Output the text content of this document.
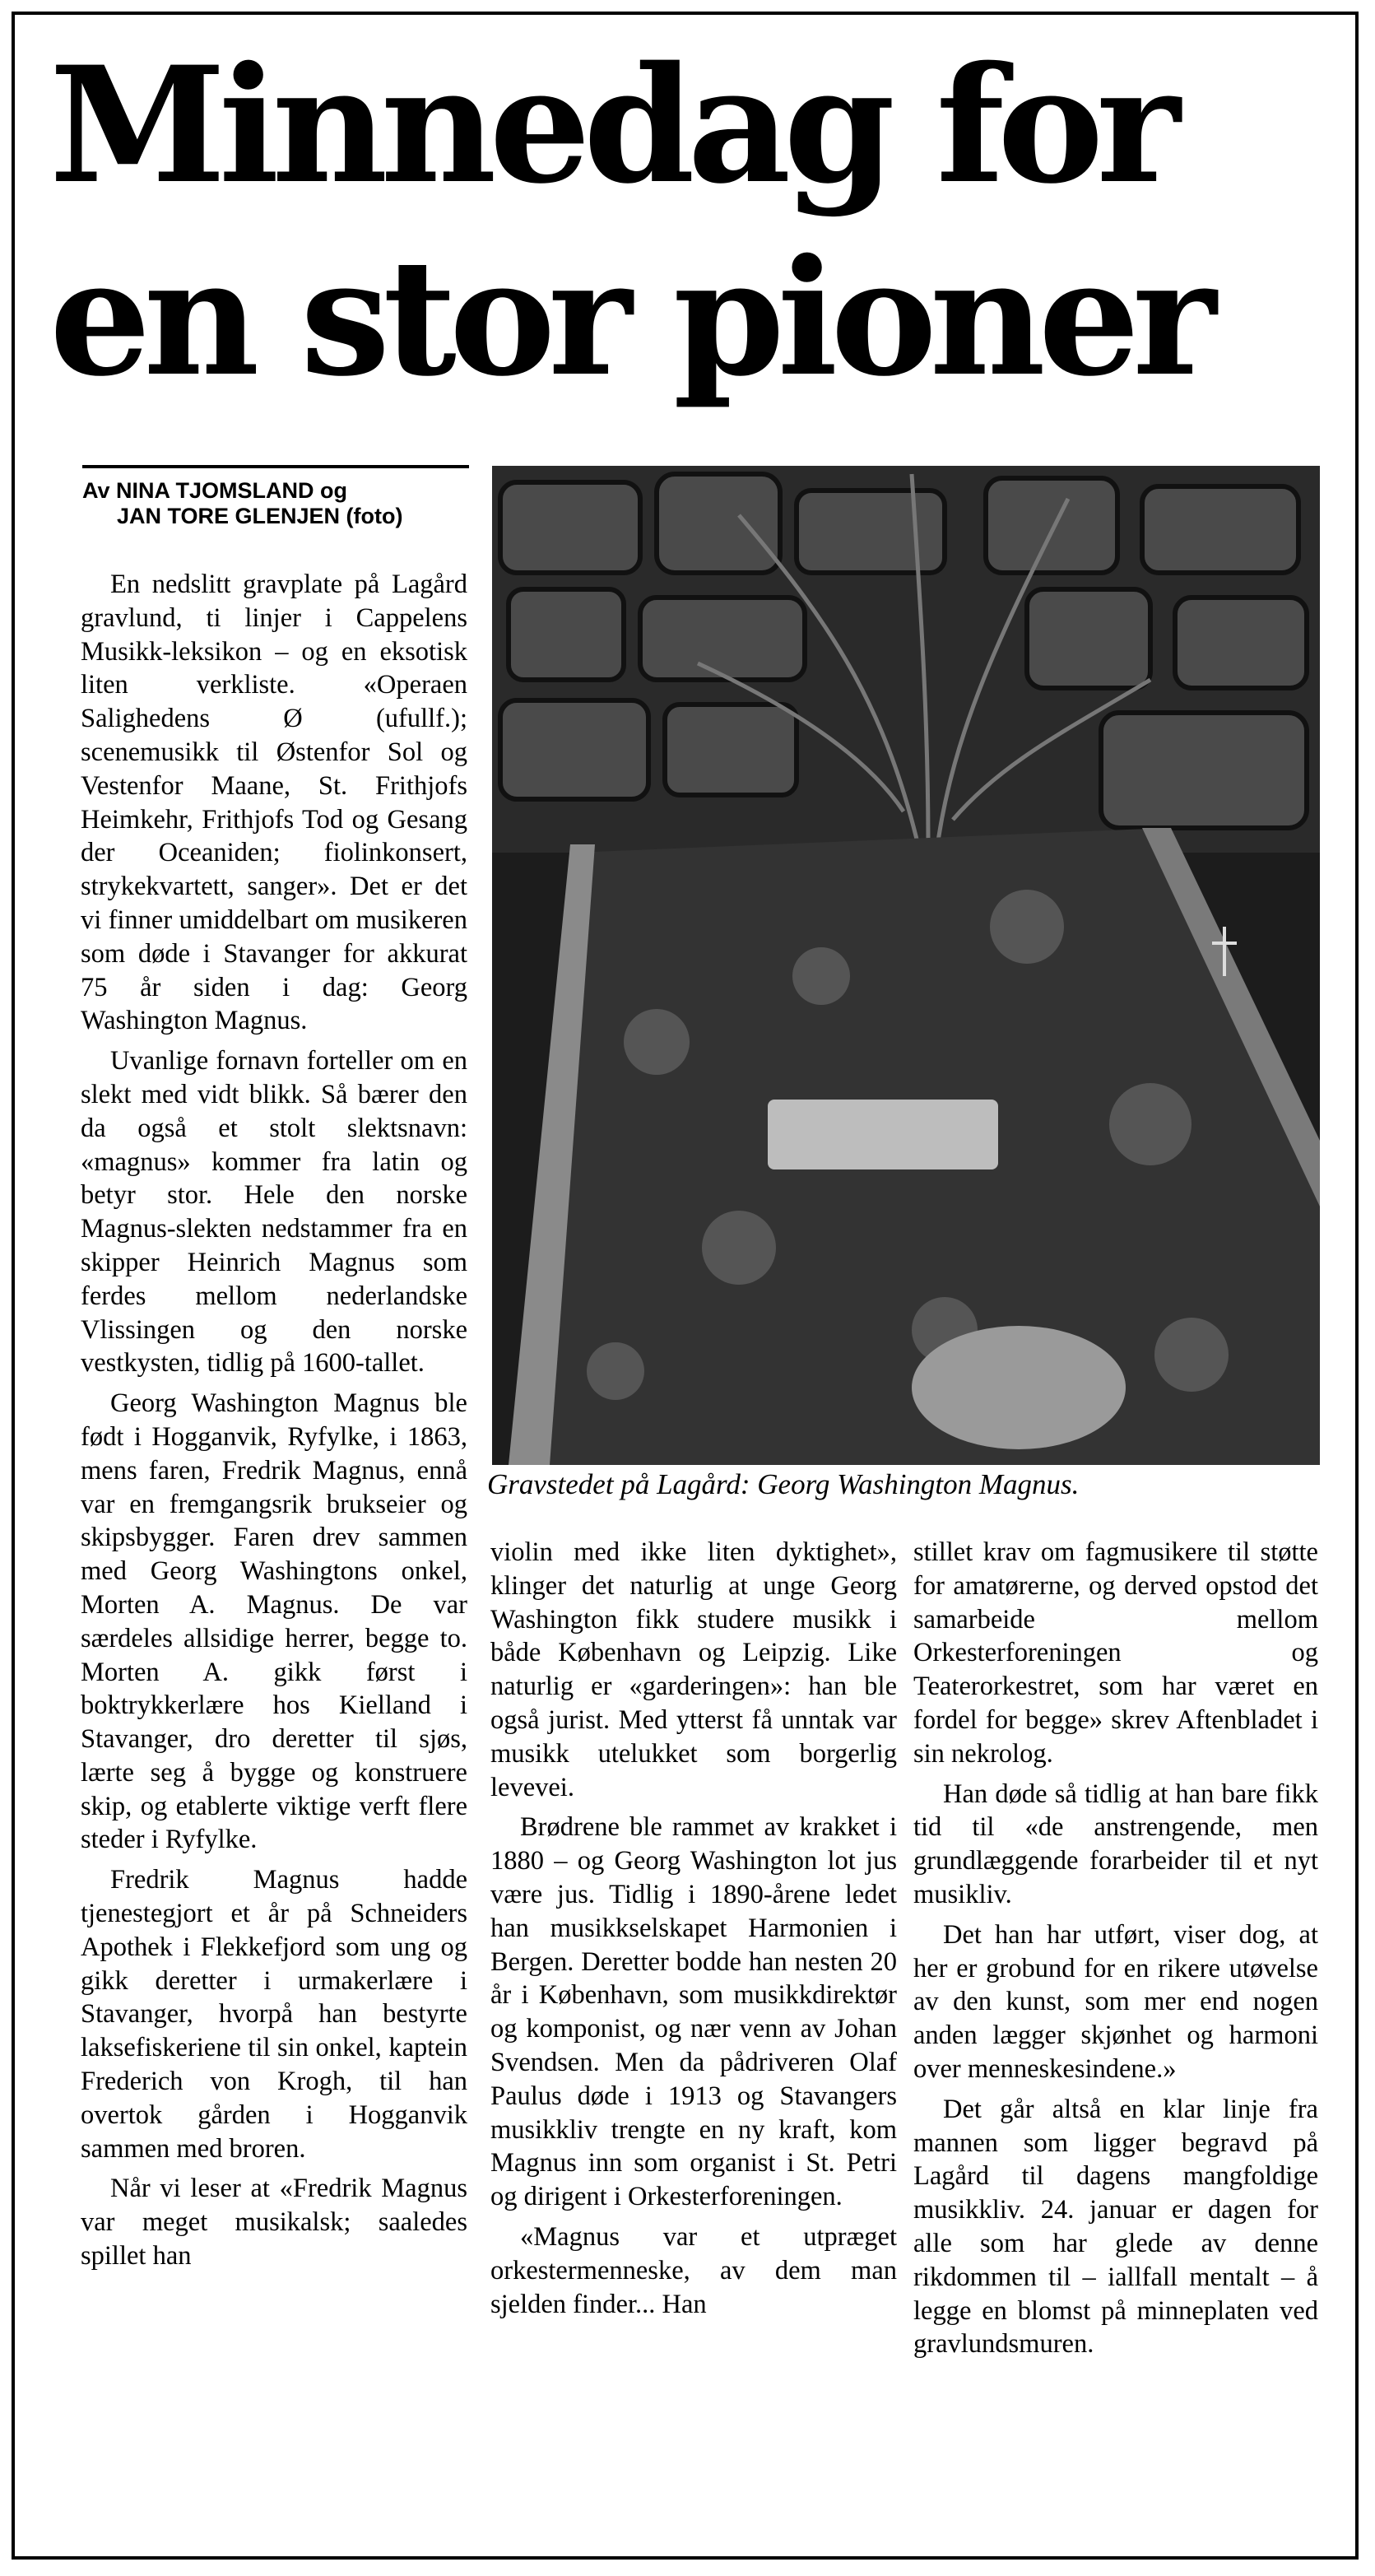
Minnedag for
en stor pioner
Av NINA TJOMSLAND og
JAN TORE GLENJEN (foto)
Gravstedet på Lagård: Georg Washington Magnus.

En nedslitt gravplate på Lagård gravlund, ti linjer i Cappelens Musikk-leksikon – og en eksotisk liten verkliste. «Operaen Salighedens Ø (ufullf.); scenemusikk til Østenfor Sol og Vestenfor Maane, St. Frithjofs Heimkehr, Frithjofs Tod og Gesang der Oceaniden; fiolinkonsert, strykekvartett, sanger». Det er det vi finner umiddelbart om musikeren som døde i Stavanger for akkurat 75 år siden i dag: Georg Washington Magnus.

Uvanlige fornavn forteller om en slekt med vidt blikk. Så bærer den da også et stolt slektsnavn: «magnus» kommer fra latin og betyr stor. Hele den norske Magnus-slekten nedstammer fra en skipper Heinrich Magnus som ferdes mellom nederlandske Vlissingen og den norske vestkysten, tidlig på 1600-tallet.

Georg Washington Magnus ble født i Hogganvik, Ryfylke, i 1863, mens faren, Fredrik Magnus, ennå var en fremgangsrik brukseier og skipsbygger. Faren drev sammen med Georg Washingtons onkel, Morten A. Magnus. De var særdeles allsidige herrer, begge to. Morten A. gikk først i boktrykkerlære hos Kielland i Stavanger, dro deretter til sjøs, lærte seg å bygge og konstruere skip, og etablerte viktige verft flere steder i Ryfylke.

Fredrik Magnus hadde tjenestegjort et år på Schneiders Apothek i Flekkefjord som ung og gikk deretter i urmakerlære i Stavanger, hvorpå han bestyrte laksefiskeriene til sin onkel, kaptein Frederich von Krogh, til han overtok gården i Hogganvik sammen med broren.

Når vi leser at «Fredrik Magnus var meget musikalsk; saaledes spillet han

violin med ikke liten dyktighet», klinger det naturlig at unge Georg Washington fikk studere musikk i både København og Leipzig. Like naturlig er «garderingen»: han ble også jurist. Med ytterst få unntak var musikk utelukket som borgerlig levevei.

Brødrene ble rammet av krakket i 1880 – og Georg Washington lot jus være jus. Tidlig i 1890-årene ledet han musikkselskapet Harmonien i Bergen. Deretter bodde han nesten 20 år i København, som musikkdirektør og komponist, og nær venn av Johan Svendsen. Men da pådriveren Olaf Paulus døde i 1913 og Stavangers musikkliv trengte en ny kraft, kom Magnus inn som organist i St. Petri og dirigent i Orkesterforeningen.

«Magnus var et utpræget orkestermenneske, av dem man sjelden finder... Han

stillet krav om fagmusikere til støtte for amatørerne, og derved opstod det samarbeide mellom Orkesterforeningen og Teaterorkestret, som har været en fordel for begge» skrev Aftenbladet i sin nekrolog.

Han døde så tidlig at han bare fikk tid til «de anstrengende, men grundlæggende forarbeider til et nyt musikliv.

Det han har utført, viser dog, at her er grobund for en rikere utøvelse av den kunst, som mer end nogen anden lægger skjønhet og harmoni over menneskesindene.»

Det går altså en klar linje fra mannen som ligger begravd på Lagård til dagens mangfoldige musikkliv. 24. januar er dagen for alle som har glede av denne rikdommen til – iallfall mentalt – å legge en blomst på minneplaten ved gravlundsmuren.
